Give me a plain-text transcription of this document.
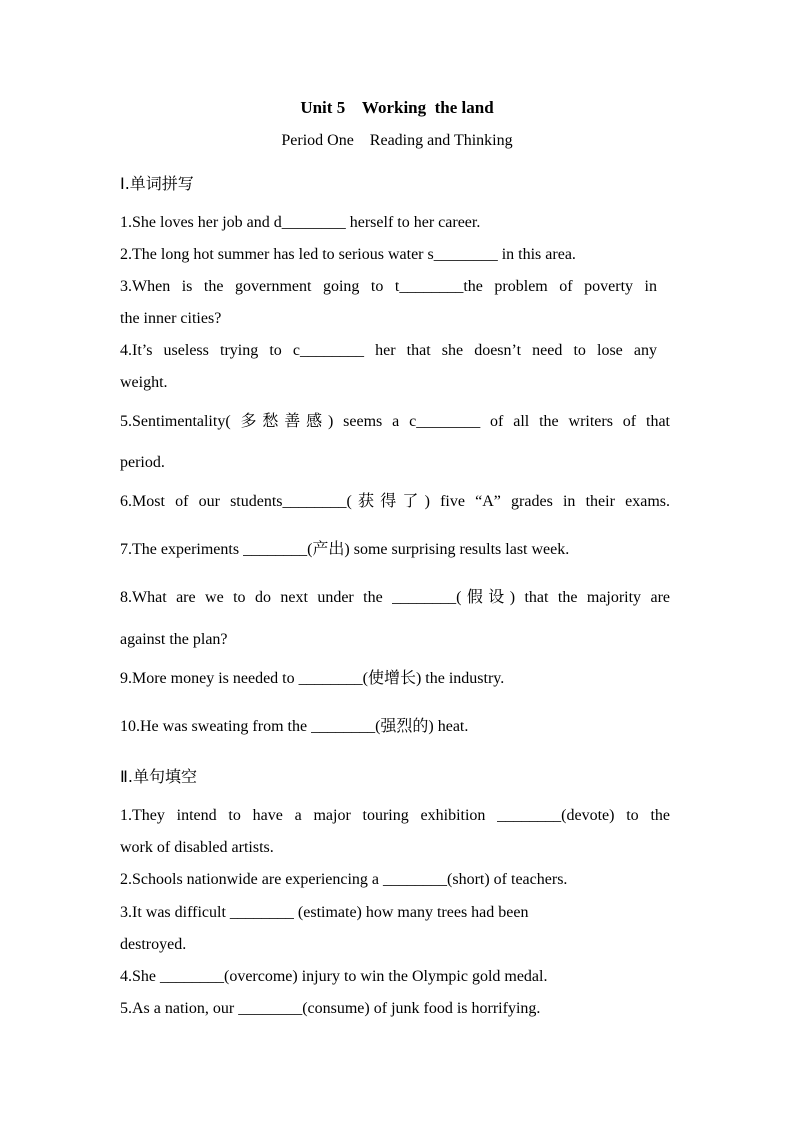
Unit 5    Working  the land
Period One    Reading and Thinking
Ⅰ.单词拼写
1.She loves her job and d________ herself to her career.
2.The long hot summer has led to serious water s________ in this area.
3.When is the government going to t________the problem of poverty in
the inner cities?
4.It’s useless trying to c________ her that she doesn’t need to lose any
weight.
5.Sentimentality( 多愁善感) seems a c________ of all the writers of that
period.
6.Most of our students________(获得了) five “A” grades in their exams.
7.The experiments ________(产出) some surprising results last week.
8.What are we to do next under the ________(假设) that the majority are
against the plan?
9.More money is needed to ________(使增长) the industry.
10.He was sweating from the ________(强烈的) heat.
Ⅱ.单句填空
1.They intend to have a major touring exhibition ________(devote) to the
work of disabled artists.
2.Schools nationwide are experiencing a ________(short) of teachers.
3.It was difficult ________ (estimate) how many trees had been
destroyed.
4.She ________(overcome) injury to win the Olympic gold medal.
5.As a nation, our ________(consume) of junk food is horrifying.
